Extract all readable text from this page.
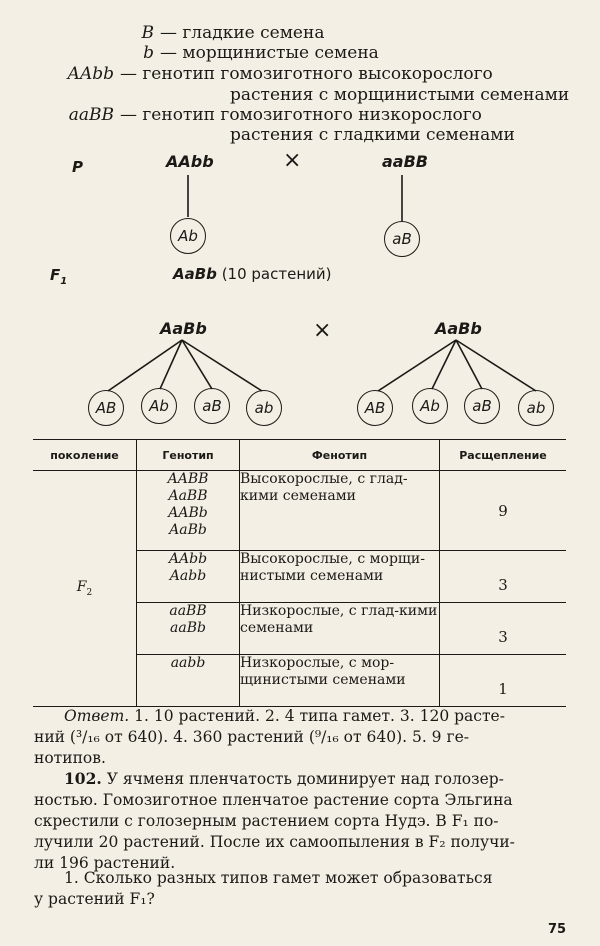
B — гладкие семена
b — морщинистые семена
AAbb — генотип гомозиготного высокорослого
растения с морщинистыми семенами
aaBB — генотип гомозиготного низкорослого
растения с гладкими семенами
P	AAbb	×	aaBB
Ab	aB
$F_1$	AaBb (10 растений)
AaBb	×	AaBb
AB	Ab	aB	ab	AB	Ab	aB	ab
поколение	Генотип	Фенотип	Расщепление
$F_2$	AABB
AaBB
AABb
AaBb	Высокорослые, с глад-кими семенами	9

	AAbb
Aabb	Высокорослые, с морщи-нистыми семенами	3

	aaBB
aaBb	Низкорослые, с глад-кими семенами	3

	aabb	Низкорослые, с мор-щинистыми семенами	1
Ответ. 1. 10 растений. 2. 4 типа гамет. 3. 120 расте-
ний (³/₁₆ от 640). 4. 360 растений (⁹/₁₆ от 640). 5. 9 ге-
нотипов.
102. У ячменя пленчатость доминирует над голозер-
ностью. Гомозиготное пленчатое растение сорта Эльгина
скрестили с голозерным растением сорта Нудэ. В F₁ по-
лучили 20 растений. После их самоопыления в F₂ получи-
ли 196 растений.
1. Сколько разных типов гамет может образоваться
у растений F₁?
75
